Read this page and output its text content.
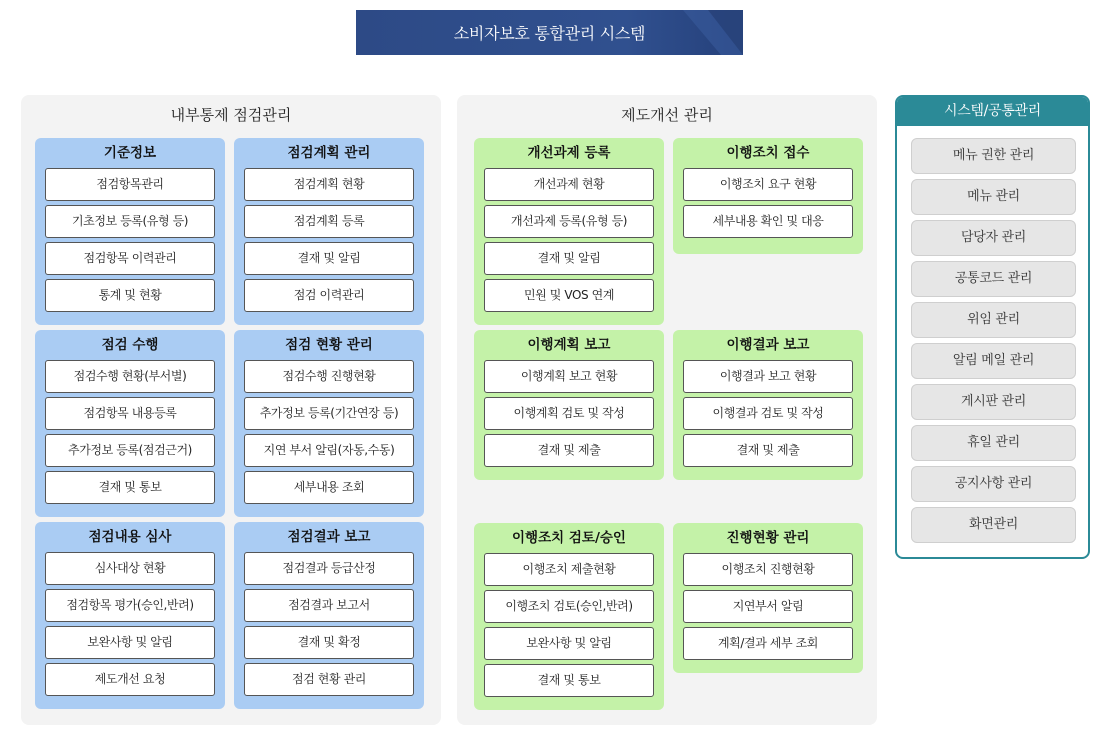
소비자보호 통합관리 시스템
내부통제 점검관리
기준정보
점검항목관리
기초정보 등록(유형 등)
점검항목 이력관리
통계 및 현황
점검계획 관리
점검계획 현황
점검계획 등록
결재 및 알림
점검 이력관리
점검 수행
점검수행 현황(부서별)
점검항목 내용등록
추가정보 등록(점검근거)
결재 및 통보
점검 현황 관리
점검수행 진행현황
추가정보 등록(기간연장 등)
지연 부서 알림(자동,수동)
세부내용 조회
점검내용 심사
심사대상 현황
점검항목 평가(승인,반려)
보완사항 및 알림
제도개선 요청
점검결과 보고
점검결과 등급산정
점검결과 보고서
결재 및 확정
점검 현황 관리
제도개선 관리
개선과제 등록
개선과제 현황
개선과제 등록(유형 등)
결재 및 알림
민원 및 VOS 연계
이행조치 접수
이행조치 요구 현황
세부내용 확인 및 대응
이행계획 보고
이행계획 보고 현황
이행계획 검토 및 작성
결재 및 제출
이행결과 보고
이행결과 보고 현황
이행결과 검토 및 작성
결재 및 제출
이행조치 검토/승인
이행조치 제출현황
이행조치 검토(승인,반려)
보완사항 및 알림
결재 및 통보
진행현황 관리
이행조치 진행현황
지연부서 알림
계획/결과 세부 조회
시스템/공통관리
메뉴 권한 관리
메뉴 관리
담당자 관리
공통코드 관리
위임 관리
알림 메일 관리
게시판 관리
휴일 관리
공지사항 관리
화면관리
